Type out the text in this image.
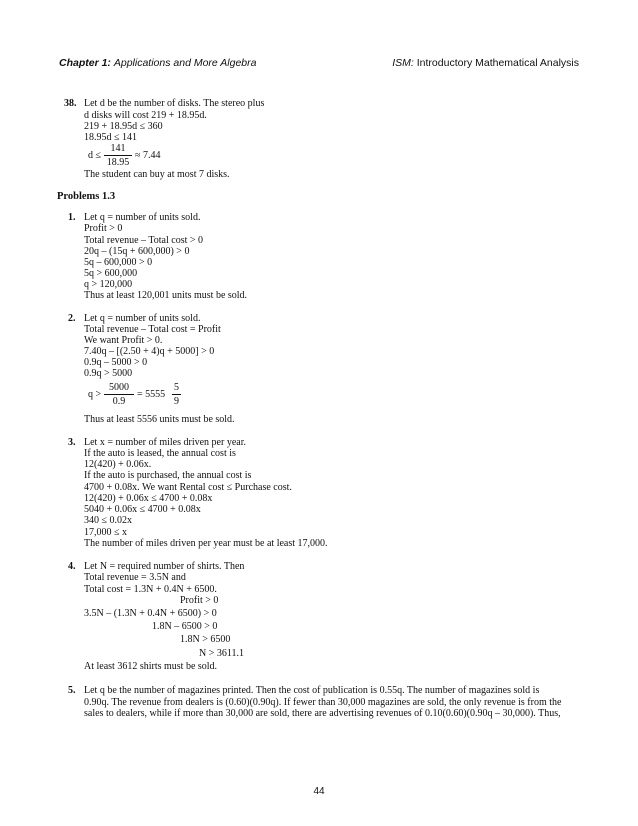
Chapter 1: Applications and More Algebra	ISM: Introductory Mathematical Analysis
38. Let d be the number of disks. The stereo plus
d disks will cost 219 + 18.95d.
219 + 18.95d ≤ 360
18.95d ≤ 141
d ≤
141
18.95
≈ 7.44
The student can buy at most 7 disks.
Problems 1.3
1. Let q = number of units sold.
Profit > 0
Total revenue – Total cost > 0
20q – (15q + 600,000) > 0
5q – 600,000 > 0
5q > 600,000
q > 120,000
Thus at least 120,001 units must be sold.
2. Let q = number of units sold.
Total revenue – Total cost = Profit
We want Profit > 0.
7.40q – [(2.50 + 4)q + 5000] > 0
0.9q – 5000 > 0
0.9q > 5000
q >
5000
0.9
= 5555
5
9
Thus at least 5556 units must be sold.
3. Let x = number of miles driven per year.
If the auto is leased, the annual cost is
12(420) + 0.06x.
If the auto is purchased, the annual cost is
4700 + 0.08x. We want Rental cost ≤ Purchase cost.
12(420) + 0.06x ≤ 4700 + 0.08x
5040 + 0.06x ≤ 4700 + 0.08x
340 ≤ 0.02x
17,000 ≤ x
The number of miles driven per year must be at least 17,000.
4. Let N = required number of shirts. Then
Total revenue = 3.5N and
Total cost = 1.3N + 0.4N + 6500.
Profit > 0
3.5N – (1.3N + 0.4N + 6500) > 0
1.8N – 6500 > 0
1.8N > 6500
N > 3611.1
At least 3612 shirts must be sold.
5. Let q be the number of magazines printed. Then the cost of publication is 0.55q. The number of magazines sold is 0.90q. The revenue from dealers is (0.60)(0.90q). If fewer than 30,000 magazines are sold, the only revenue is from the sales to dealers, while if more than 30,000 are sold, there are advertising revenues of 0.10(0.60)(0.90q – 30,000). Thus,
44
